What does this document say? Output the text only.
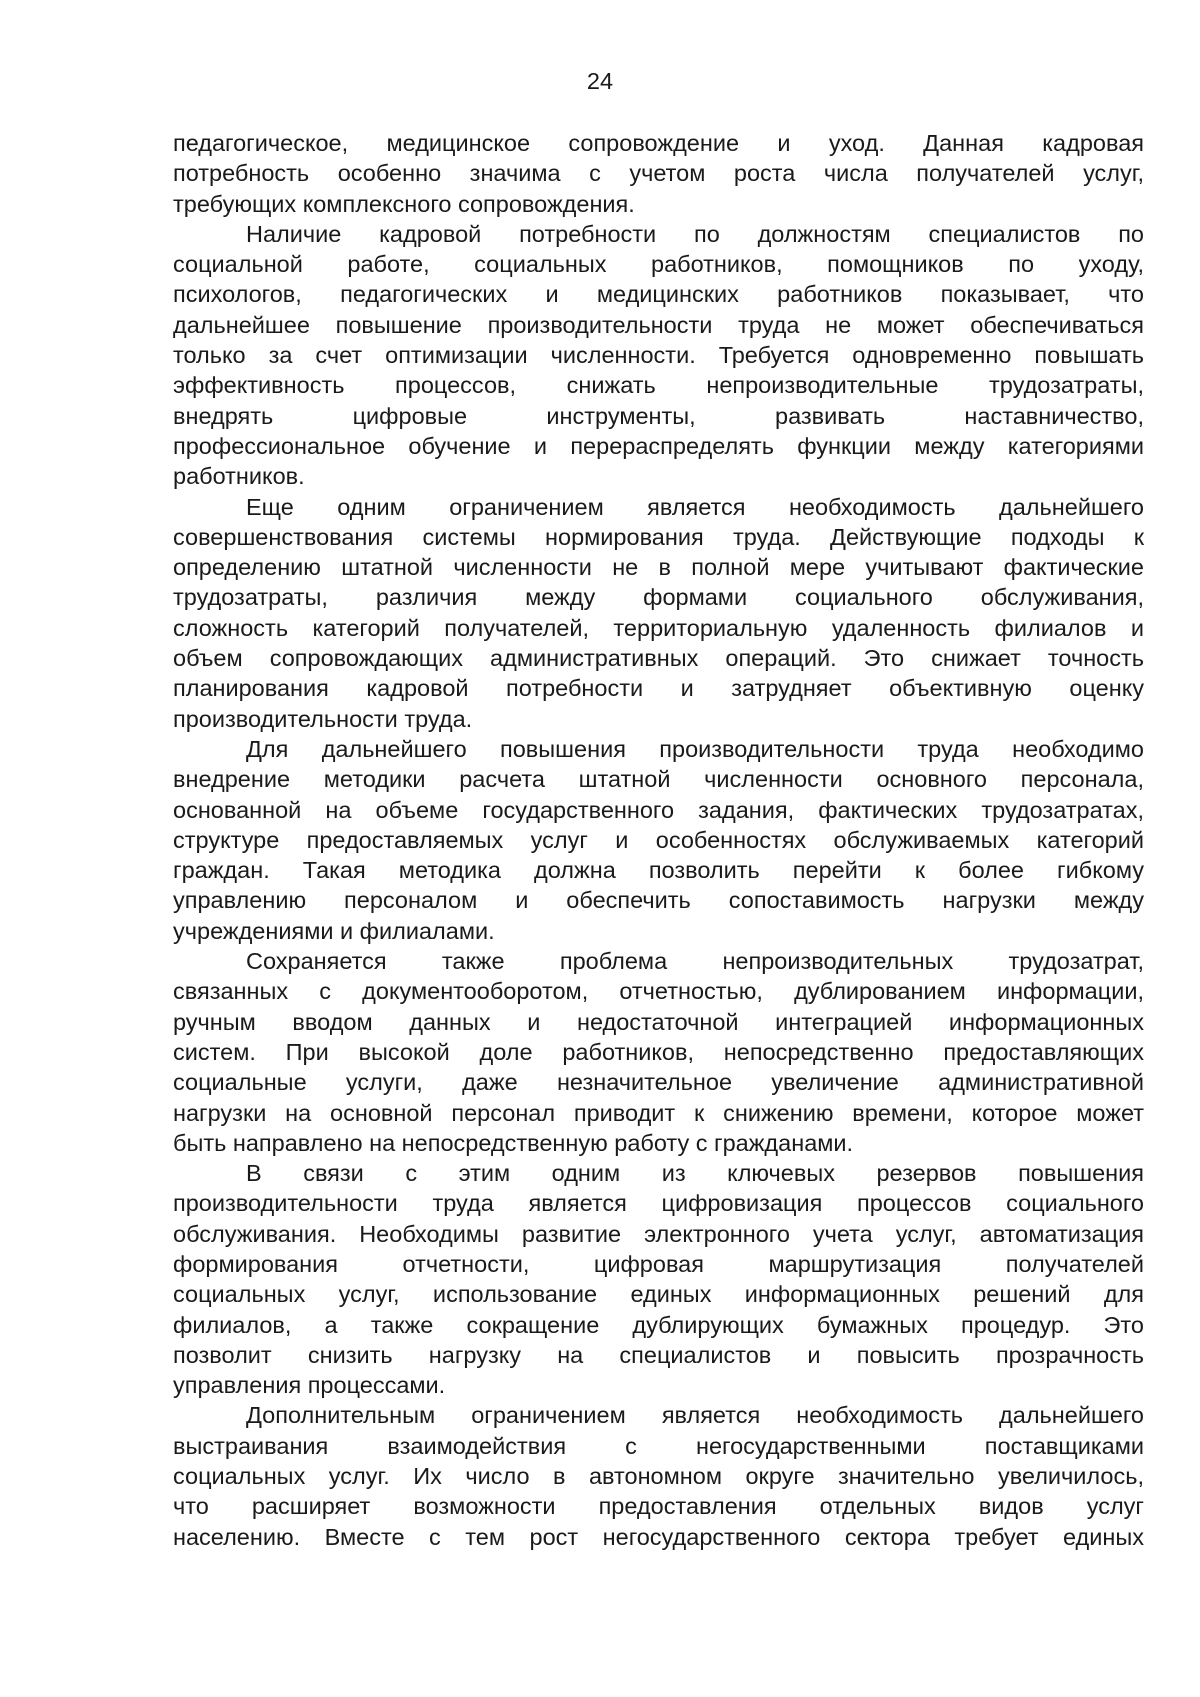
24
педагогическое, медицинское сопровождение и уход. Данная кадровая
потребность особенно значима с учетом роста числа получателей услуг,
требующих комплексного сопровождения.
Наличие кадровой потребности по должностям специалистов по
социальной работе, социальных работников, помощников по уходу,
психологов, педагогических и медицинских работников показывает, что
дальнейшее повышение производительности труда не может обеспечиваться
только за счет оптимизации численности. Требуется одновременно повышать
эффективность процессов, снижать непроизводительные трудозатраты,
внедрять цифровые инструменты, развивать наставничество,
профессиональное обучение и перераспределять функции между категориями
работников.
Еще одним ограничением является необходимость дальнейшего
совершенствования системы нормирования труда. Действующие подходы к
определению штатной численности не в полной мере учитывают фактические
трудозатраты, различия между формами социального обслуживания,
сложность категорий получателей, территориальную удаленность филиалов и
объем сопровождающих административных операций. Это снижает точность
планирования кадровой потребности и затрудняет объективную оценку
производительности труда.
Для дальнейшего повышения производительности труда необходимо
внедрение методики расчета штатной численности основного персонала,
основанной на объеме государственного задания, фактических трудозатратах,
структуре предоставляемых услуг и особенностях обслуживаемых категорий
граждан. Такая методика должна позволить перейти к более гибкому
управлению персоналом и обеспечить сопоставимость нагрузки между
учреждениями и филиалами.
Сохраняется также проблема непроизводительных трудозатрат,
связанных с документооборотом, отчетностью, дублированием информации,
ручным вводом данных и недостаточной интеграцией информационных
систем. При высокой доле работников, непосредственно предоставляющих
социальные услуги, даже незначительное увеличение административной
нагрузки на основной персонал приводит к снижению времени, которое может
быть направлено на непосредственную работу с гражданами.
В связи с этим одним из ключевых резервов повышения
производительности труда является цифровизация процессов социального
обслуживания. Необходимы развитие электронного учета услуг, автоматизация
формирования отчетности, цифровая маршрутизация получателей
социальных услуг, использование единых информационных решений для
филиалов, а также сокращение дублирующих бумажных процедур. Это
позволит снизить нагрузку на специалистов и повысить прозрачность
управления процессами.
Дополнительным ограничением является необходимость дальнейшего
выстраивания взаимодействия с негосударственными поставщиками
социальных услуг. Их число в автономном округе значительно увеличилось,
что расширяет возможности предоставления отдельных видов услуг
населению. Вместе с тем рост негосударственного сектора требует единых
